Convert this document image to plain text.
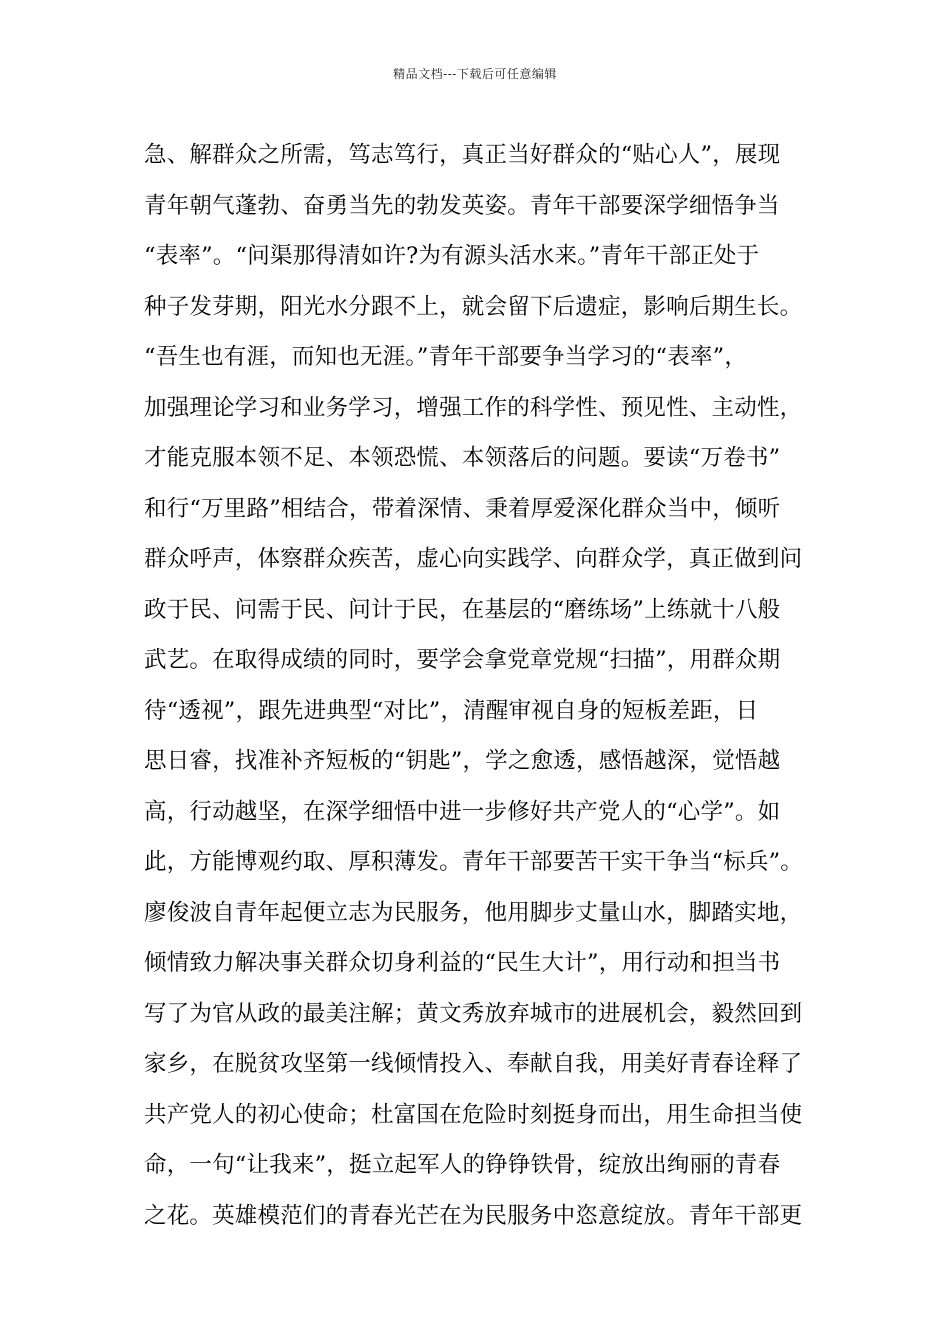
精品文档---下载后可任意编辑
急、解群众之所需，笃志笃行，真正当好群众的“贴心人”，展现
青年朝气蓬勃、奋勇当先的勃发英姿。青年干部要深学细悟争当
“表率”。“问渠那得清如许?为有源头活水来。”青年干部正处于
种子发芽期，阳光水分跟不上，就会留下后遗症，影响后期生长。
“吾生也有涯，而知也无涯。”青年干部要争当学习的“表率”，
加强理论学习和业务学习，增强工作的科学性、预见性、主动性，
才能克服本领不足、本领恐慌、本领落后的问题。要读“万卷书”
和行“万里路”相结合，带着深情、秉着厚爱深化群众当中，倾听
群众呼声，体察群众疾苦，虚心向实践学、向群众学，真正做到问
政于民、问需于民、问计于民，在基层的“磨练场”上练就十八般
武艺。在取得成绩的同时，要学会拿党章党规“扫描”，用群众期
待“透视”，跟先进典型“对比”，清醒审视自身的短板差距，日
思日睿，找准补齐短板的“钥匙”，学之愈透，感悟越深，觉悟越
高，行动越坚，在深学细悟中进一步修好共产党人的“心学”。如
此，方能博观约取、厚积薄发。青年干部要苦干实干争当“标兵”。
廖俊波自青年起便立志为民服务，他用脚步丈量山水，脚踏实地，
倾情致力解决事关群众切身利益的“民生大计”，用行动和担当书
写了为官从政的最美注解；黄文秀放弃城市的进展机会，毅然回到
家乡，在脱贫攻坚第一线倾情投入、奉献自我，用美好青春诠释了
共产党人的初心使命；杜富国在危险时刻挺身而出，用生命担当使
命，一句“让我来”，挺立起军人的铮铮铁骨，绽放出绚丽的青春
之花。英雄模范们的青春光芒在为民服务中恣意绽放。青年干部更
